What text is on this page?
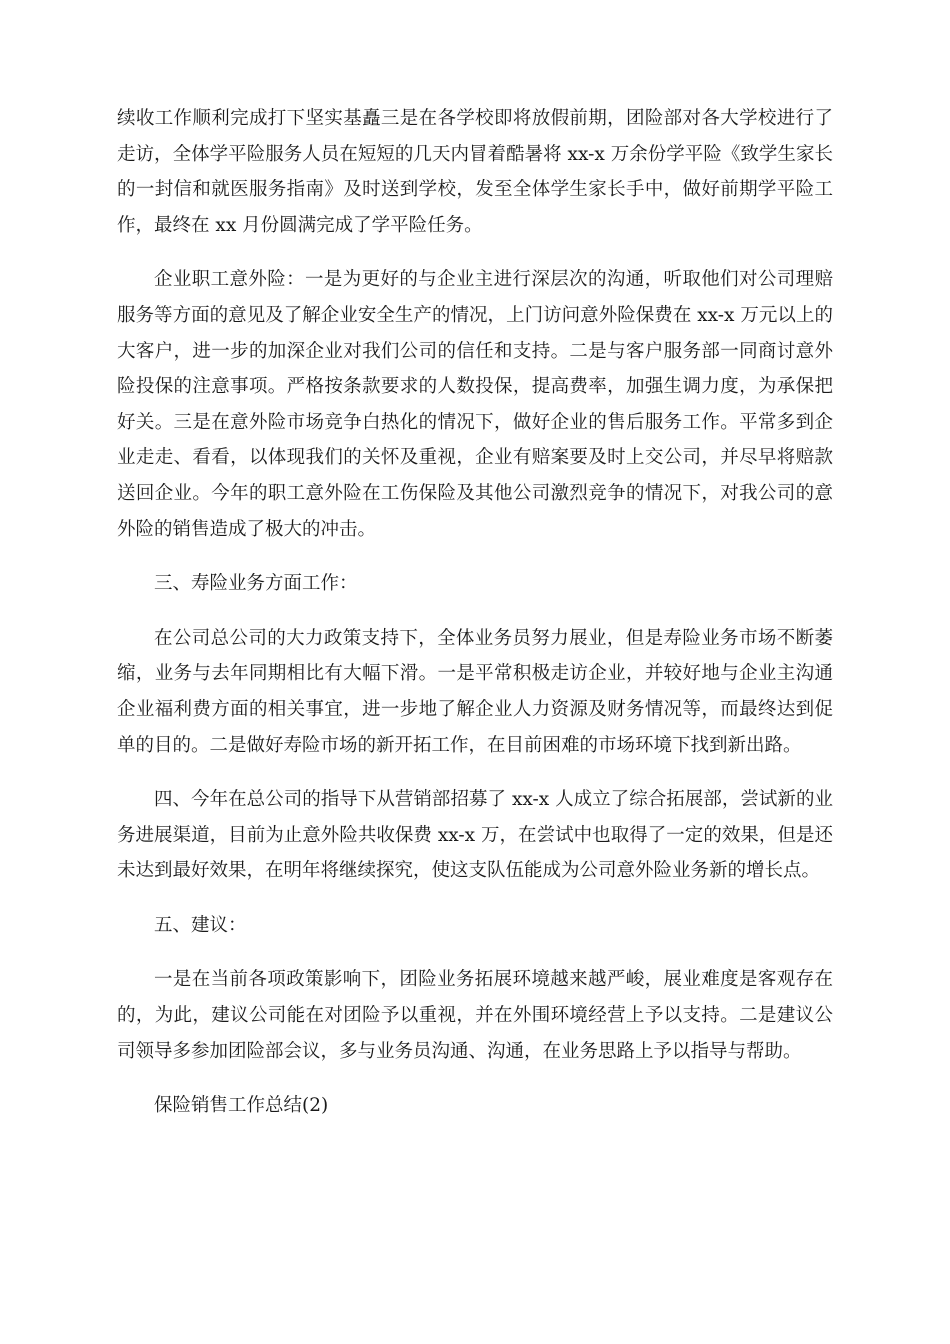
续收工作顺利完成打下坚实基矗三是在各学校即将放假前期，团险部对各大学校进行了走访，全体学平险服务人员在短短的几天内冒着酷暑将 xx-x 万余份学平险《致学生家长的一封信和就医服务指南》及时送到学校，发至全体学生家长手中，做好前期学平险工作，最终在 xx 月份圆满完成了学平险任务。

企业职工意外险：一是为更好的与企业主进行深层次的沟通，听取他们对公司理赔服务等方面的意见及了解企业安全生产的情况，上门访问意外险保费在 xx-x 万元以上的大客户，进一步的加深企业对我们公司的信任和支持。二是与客户服务部一同商讨意外险投保的注意事项。严格按条款要求的人数投保，提高费率，加强生调力度，为承保把好关。三是在意外险市场竞争白热化的情况下，做好企业的售后服务工作。平常多到企业走走、看看，以体现我们的关怀及重视，企业有赔案要及时上交公司，并尽早将赔款送回企业。今年的职工意外险在工伤保险及其他公司激烈竞争的情况下，对我公司的意外险的销售造成了极大的冲击。

三、寿险业务方面工作：

在公司总公司的大力政策支持下，全体业务员努力展业，但是寿险业务市场不断萎缩，业务与去年同期相比有大幅下滑。一是平常积极走访企业，并较好地与企业主沟通企业福利费方面的相关事宜，进一步地了解企业人力资源及财务情况等，而最终达到促单的目的。二是做好寿险市场的新开拓工作，在目前困难的市场环境下找到新出路。

四、今年在总公司的指导下从营销部招募了 xx-x 人成立了综合拓展部，尝试新的业务进展渠道，目前为止意外险共收保费 xx-x 万，在尝试中也取得了一定的效果，但是还未达到最好效果，在明年将继续探究，使这支队伍能成为公司意外险业务新的增长点。

五、建议：

一是在当前各项政策影响下，团险业务拓展环境越来越严峻，展业难度是客观存在的，为此，建议公司能在对团险予以重视，并在外围环境经营上予以支持。二是建议公司领导多参加团险部会议，多与业务员沟通、沟通，在业务思路上予以指导与帮助。

保险销售工作总结(2)
